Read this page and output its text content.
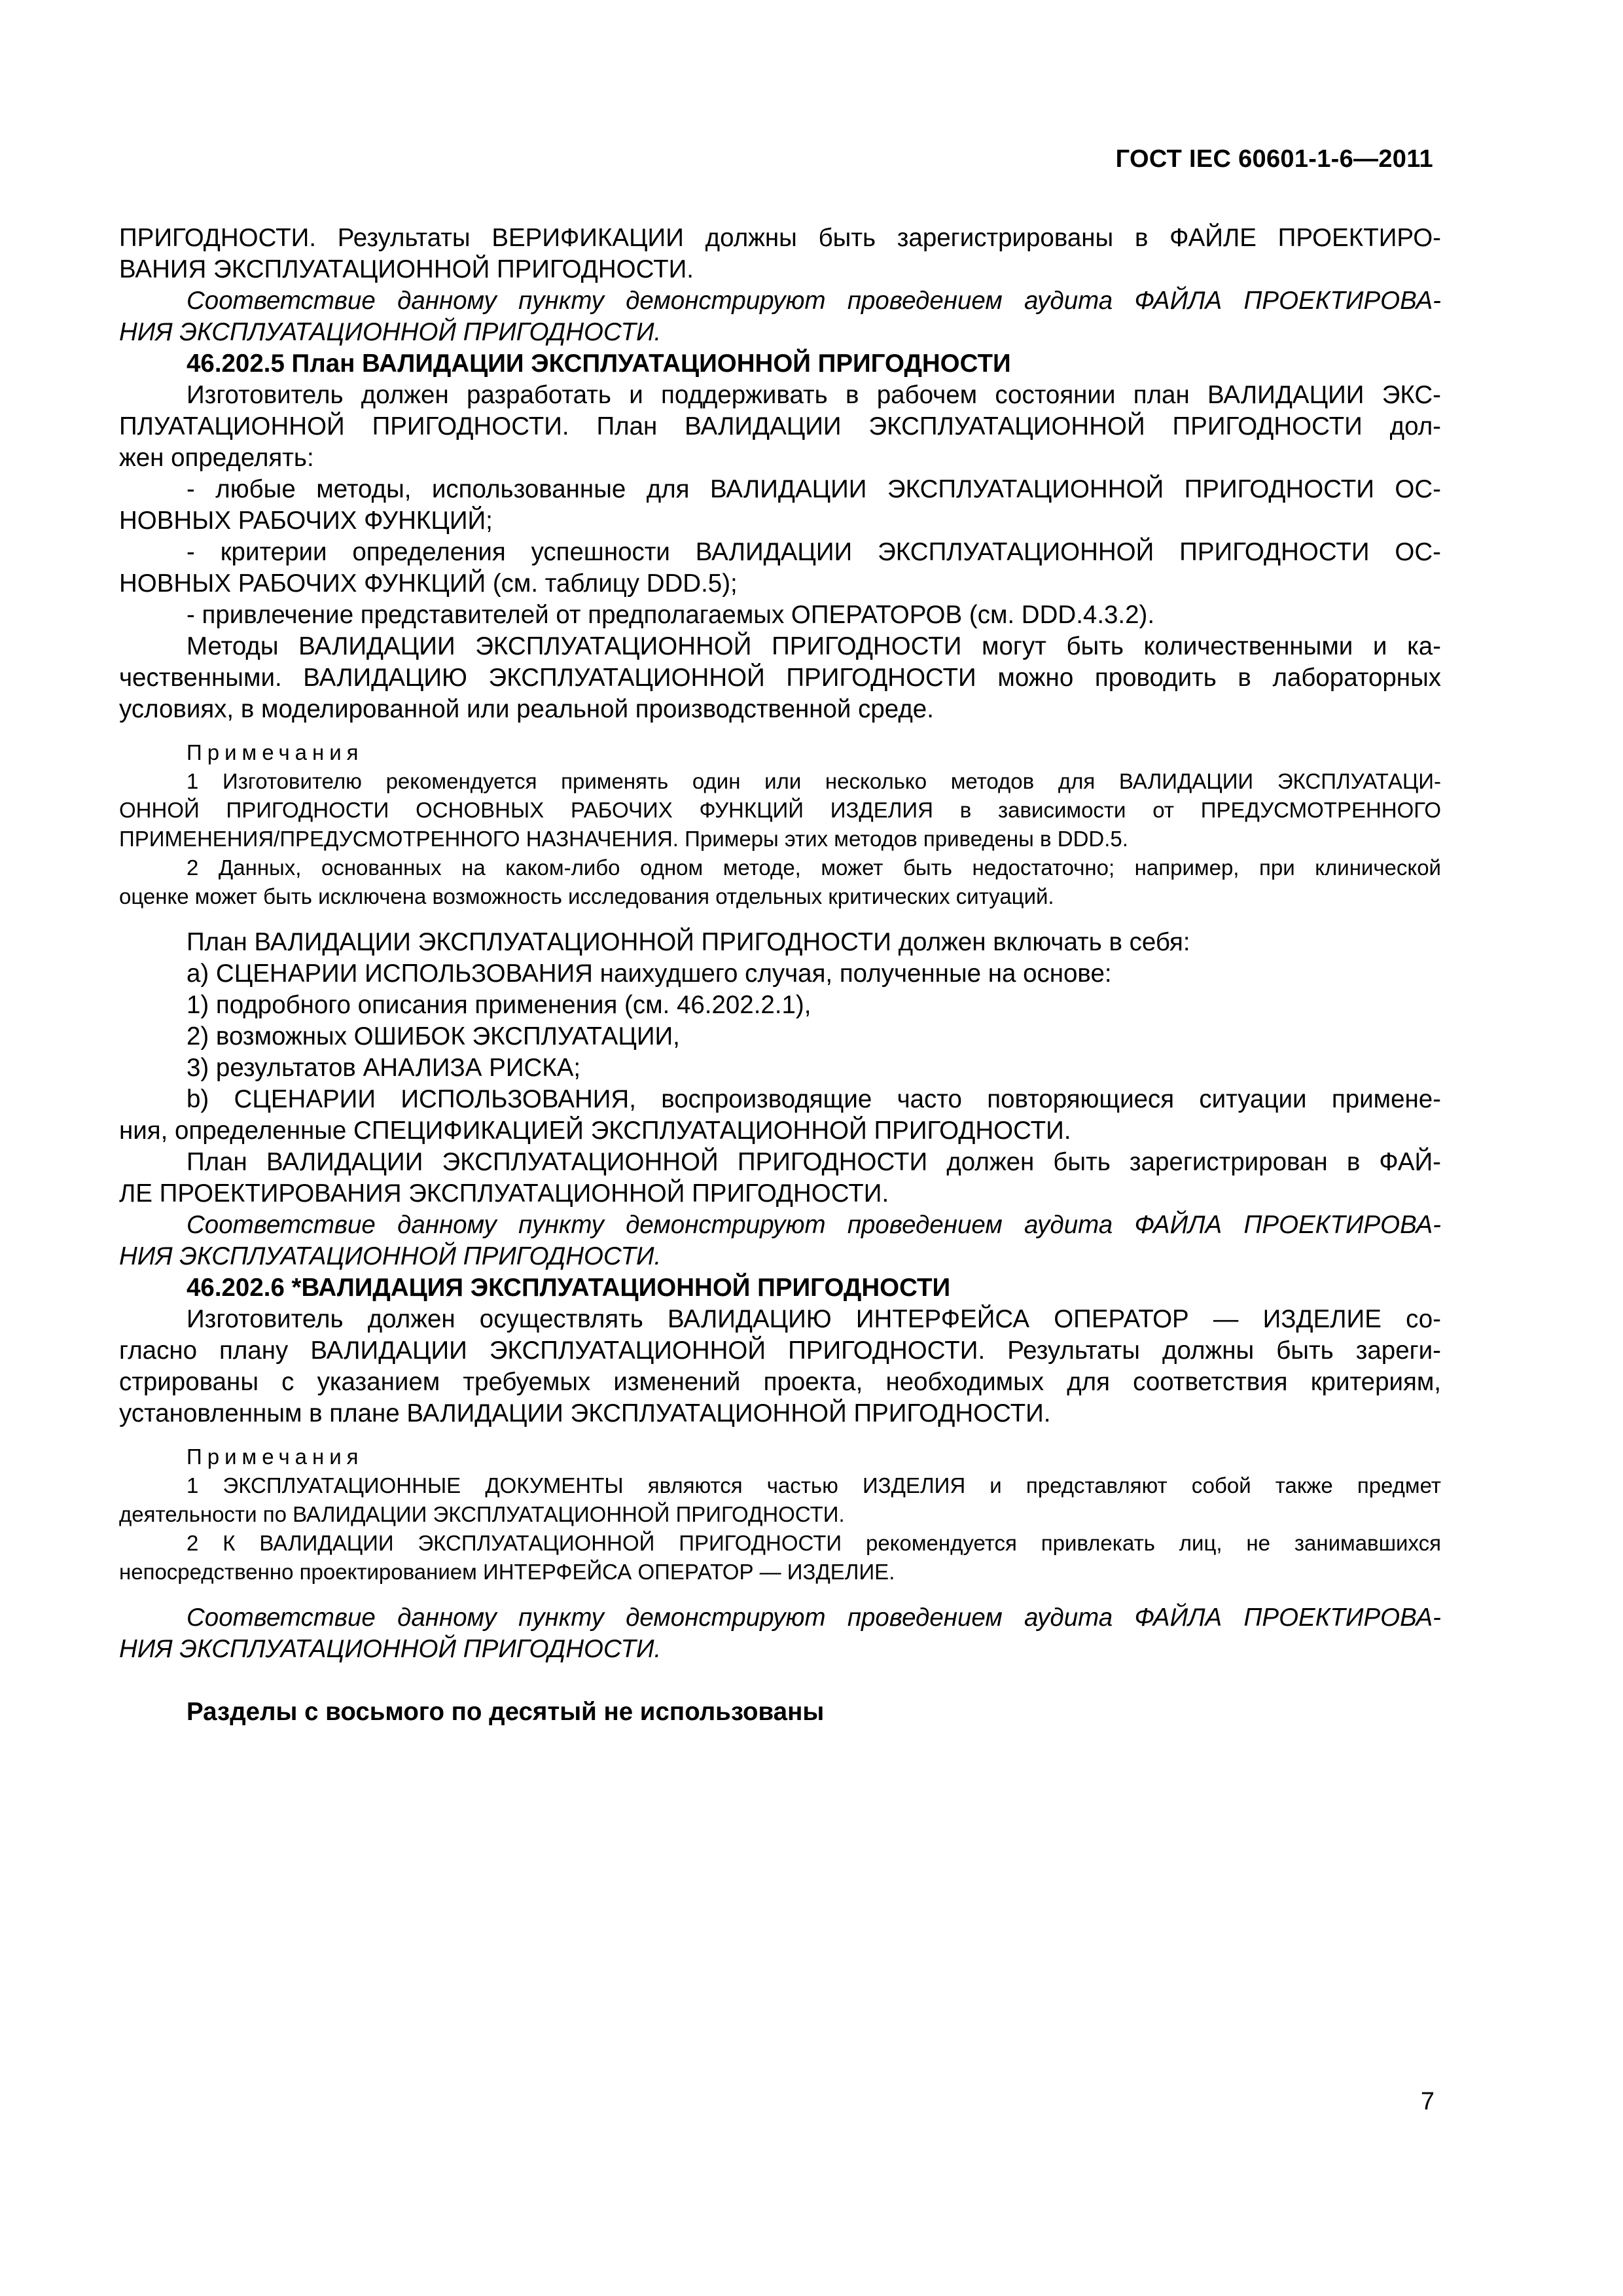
ГОСТ IEC 60601-1-6—2011

ПРИГОДНОСТИ. Результаты ВЕРИФИКАЦИИ должны быть зарегистрированы в ФАЙЛЕ ПРОЕКТИРО-

ВАНИЯ ЭКСПЛУАТАЦИОННОЙ ПРИГОДНОСТИ.

Соответствие данному пункту демонстрируют проведением аудита ФАЙЛА ПРОЕКТИРОВА-

НИЯ ЭКСПЛУАТАЦИОННОЙ ПРИГОДНОСТИ.

46.202.5 План ВАЛИДАЦИИ ЭКСПЛУАТАЦИОННОЙ ПРИГОДНОСТИ

Изготовитель должен разработать и поддерживать в рабочем состоянии план ВАЛИДАЦИИ ЭКС-

ПЛУАТАЦИОННОЙ ПРИГОДНОСТИ. План ВАЛИДАЦИИ ЭКСПЛУАТАЦИОННОЙ ПРИГОДНОСТИ дол-

жен определять:

- любые методы, использованные для ВАЛИДАЦИИ ЭКСПЛУАТАЦИОННОЙ ПРИГОДНОСТИ ОС-

НОВНЫХ РАБОЧИХ ФУНКЦИЙ;

- критерии определения успешности ВАЛИДАЦИИ ЭКСПЛУАТАЦИОННОЙ ПРИГОДНОСТИ ОС-

НОВНЫХ РАБОЧИХ ФУНКЦИЙ (см. таблицу DDD.5);

- привлечение представителей от предполагаемых ОПЕРАТОРОВ (см. DDD.4.3.2).

Методы ВАЛИДАЦИИ ЭКСПЛУАТАЦИОННОЙ ПРИГОДНОСТИ могут быть количественными и ка-

чественными. ВАЛИДАЦИЮ ЭКСПЛУАТАЦИОННОЙ ПРИГОДНОСТИ можно проводить в лабораторных

условиях, в моделированной или реальной производственной среде.

Примечания

1 Изготовителю рекомендуется применять один или несколько методов для ВАЛИДАЦИИ ЭКСПЛУАТАЦИ-

ОННОЙ ПРИГОДНОСТИ ОСНОВНЫХ РАБОЧИХ ФУНКЦИЙ ИЗДЕЛИЯ в зависимости от ПРЕДУСМОТРЕННОГО

ПРИМЕНЕНИЯ/ПРЕДУСМОТРЕННОГО НАЗНАЧЕНИЯ. Примеры этих методов приведены в DDD.5.

2 Данных, основанных на каком-либо одном методе, может быть недостаточно; например, при клинической

оценке может быть исключена возможность исследования отдельных критических ситуаций.

План ВАЛИДАЦИИ ЭКСПЛУАТАЦИОННОЙ ПРИГОДНОСТИ должен включать в себя:

а) СЦЕНАРИИ ИСПОЛЬЗОВАНИЯ наихудшего случая, полученные на основе:

1) подробного описания применения (см. 46.202.2.1),

2) возможных ОШИБОК ЭКСПЛУАТАЦИИ,

3) результатов АНАЛИЗА РИСКА;

b) СЦЕНАРИИ ИСПОЛЬЗОВАНИЯ, воспроизводящие часто повторяющиеся ситуации примене-

ния, определенные СПЕЦИФИКАЦИЕЙ ЭКСПЛУАТАЦИОННОЙ ПРИГОДНОСТИ.

План ВАЛИДАЦИИ ЭКСПЛУАТАЦИОННОЙ ПРИГОДНОСТИ должен быть зарегистрирован в ФАЙ-

ЛЕ ПРОЕКТИРОВАНИЯ ЭКСПЛУАТАЦИОННОЙ ПРИГОДНОСТИ.

Соответствие данному пункту демонстрируют проведением аудита ФАЙЛА ПРОЕКТИРОВА-

НИЯ ЭКСПЛУАТАЦИОННОЙ ПРИГОДНОСТИ.

46.202.6 *ВАЛИДАЦИЯ ЭКСПЛУАТАЦИОННОЙ ПРИГОДНОСТИ

Изготовитель должен осуществлять ВАЛИДАЦИЮ ИНТЕРФЕЙСА ОПЕРАТОР — ИЗДЕЛИЕ со-

гласно плану ВАЛИДАЦИИ ЭКСПЛУАТАЦИОННОЙ ПРИГОДНОСТИ. Результаты должны быть зареги-

стрированы с указанием требуемых изменений проекта, необходимых для соответствия критериям,

установленным в плане ВАЛИДАЦИИ ЭКСПЛУАТАЦИОННОЙ ПРИГОДНОСТИ.

Примечания

1 ЭКСПЛУАТАЦИОННЫЕ ДОКУМЕНТЫ являются частью ИЗДЕЛИЯ и представляют собой также предмет

деятельности по ВАЛИДАЦИИ ЭКСПЛУАТАЦИОННОЙ ПРИГОДНОСТИ.

2 К ВАЛИДАЦИИ ЭКСПЛУАТАЦИОННОЙ ПРИГОДНОСТИ рекомендуется привлекать лиц, не занимавшихся

непосредственно проектированием ИНТЕРФЕЙСА ОПЕРАТОР — ИЗДЕЛИЕ.

Соответствие данному пункту демонстрируют проведением аудита ФАЙЛА ПРОЕКТИРОВА-

НИЯ ЭКСПЛУАТАЦИОННОЙ ПРИГОДНОСТИ.

Разделы с восьмого по десятый не использованы

7
